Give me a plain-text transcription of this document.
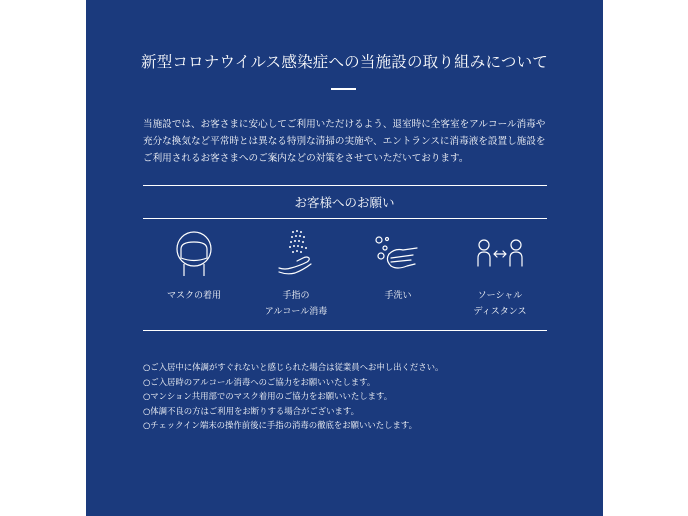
新型コロナウイルス感染症への当施設の取り組みについて

当施設では、お客さまに安心してご利用いただけるよう、退室時に全客室をアルコール消毒や充分な換気など平常時とは異なる特別な清掃の実施や、エントランスに消毒液を設置し施設をご利用されるお客さまへのご案内などの対策をさせていただいております。

お客様へのお願い
マスクの着用	手指の
アルコール消毒
手洗い	ソーシャル
ディスタンス
○ご入居中に体調がすぐれないと感じられた場合は従業員へお申し出ください。
○ご入居時のアルコール消毒へのご協力をお願いいたします。
○マンション共用部でのマスク着用のご協力をお願いいたします。
○体調不良の方はご利用をお断りする場合がございます。
○チェックイン端末の操作前後に手指の消毒の徹底をお願いいたします。
